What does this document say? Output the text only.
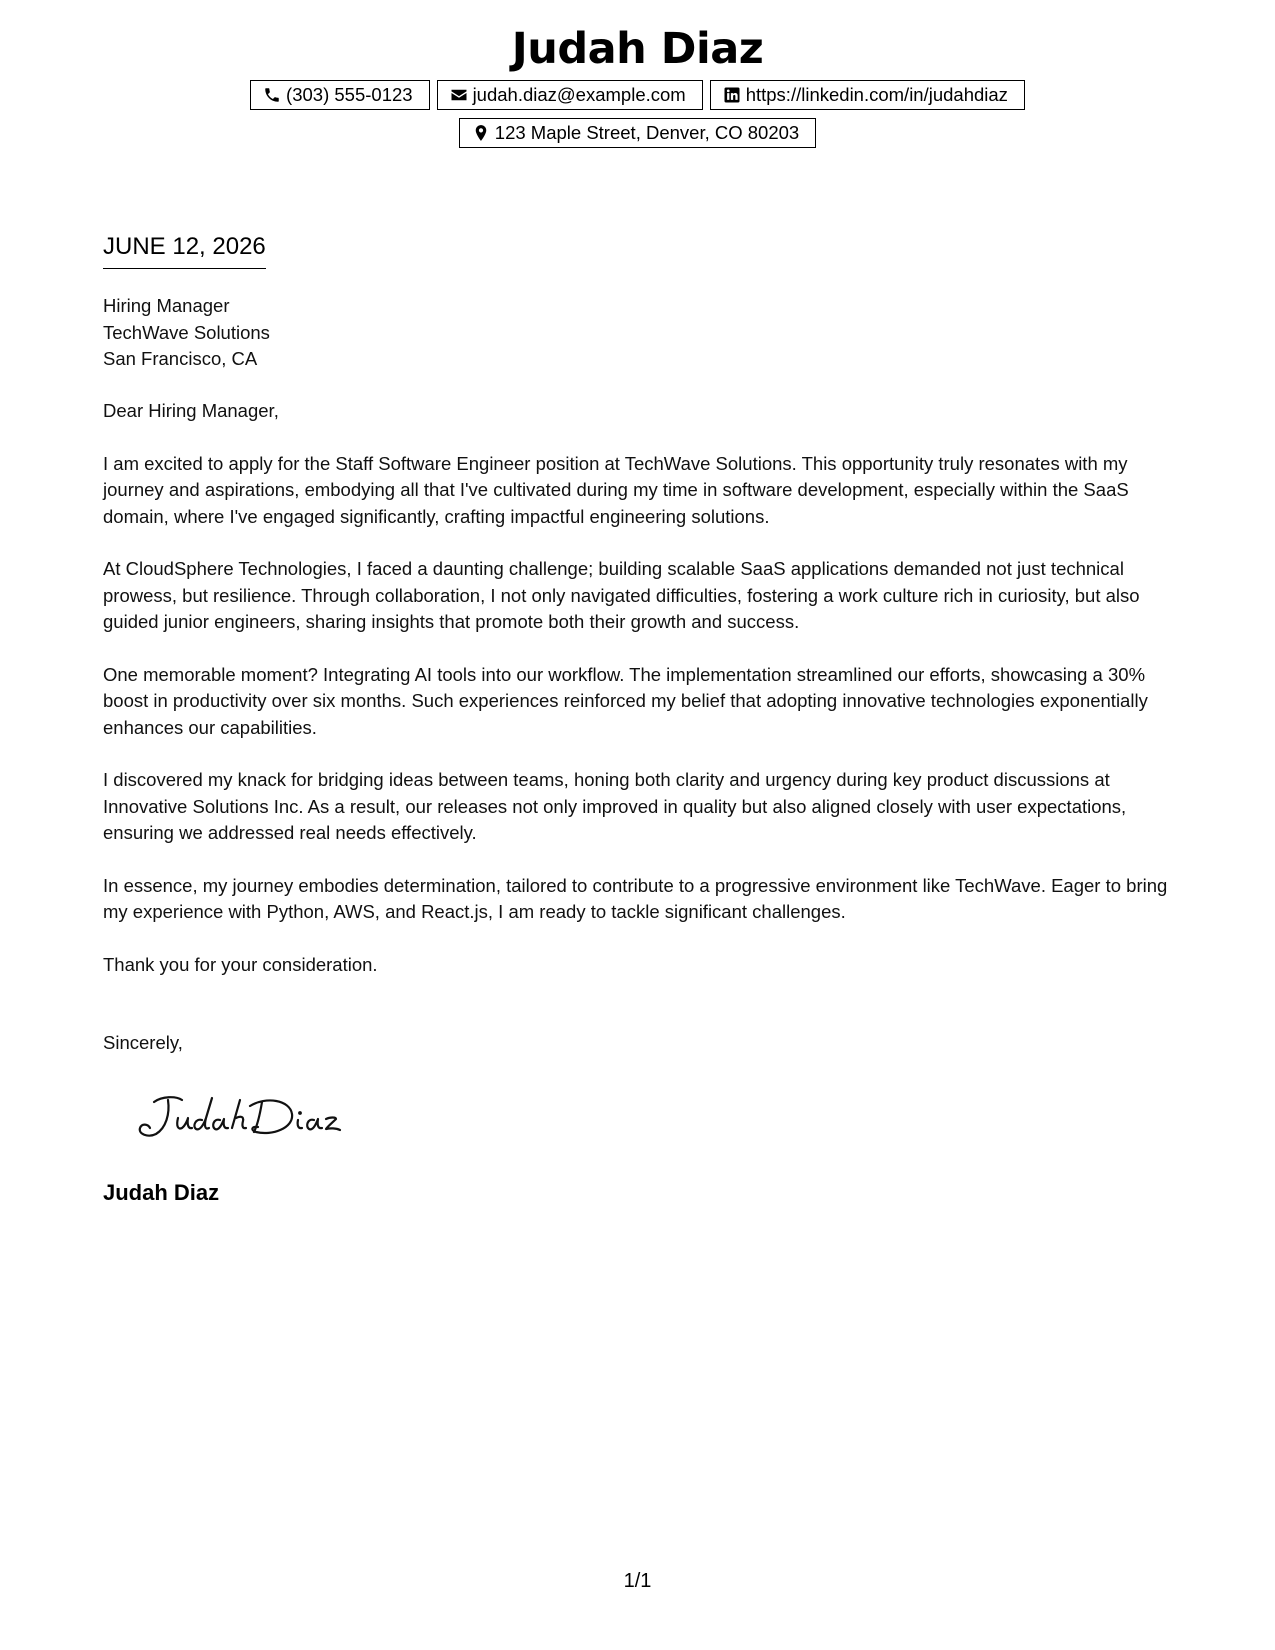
Judah Diaz
(303) 555-0123	judah.diaz@example.com	https://linkedin.com/in/judahdiaz
123 Maple Street, Denver, CO 80203
JUNE 12, 2026
Hiring Manager
TechWave Solutions
San Francisco, CA

Dear Hiring Manager,

I am excited to apply for the Staff Software Engineer position at TechWave Solutions. This opportunity truly resonates with my journey and aspirations, embodying all that I've cultivated during my time in software development, especially within the SaaS domain, where I've engaged significantly, crafting impactful engineering solutions.

At CloudSphere Technologies, I faced a daunting challenge; building scalable SaaS applications demanded not just technical prowess, but resilience. Through collaboration, I not only navigated difficulties, fostering a work culture rich in curiosity, but also guided junior engineers, sharing insights that promote both their growth and success.

One memorable moment? Integrating AI tools into our workflow. The implementation streamlined our efforts, showcasing a 30% boost in productivity over six months. Such experiences reinforced my belief that adopting innovative technologies exponentially enhances our capabilities.

I discovered my knack for bridging ideas between teams, honing both clarity and urgency during key product discussions at Innovative Solutions Inc. As a result, our releases not only improved in quality but also aligned closely with user expectations, ensuring we addressed real needs effectively.

In essence, my journey embodies determination, tailored to contribute to a progressive environment like TechWave. Eager to bring my experience with Python, AWS, and React.js, I am ready to tackle significant challenges.

Thank you for your consideration.

Sincerely,
Judah Diaz
1/1
